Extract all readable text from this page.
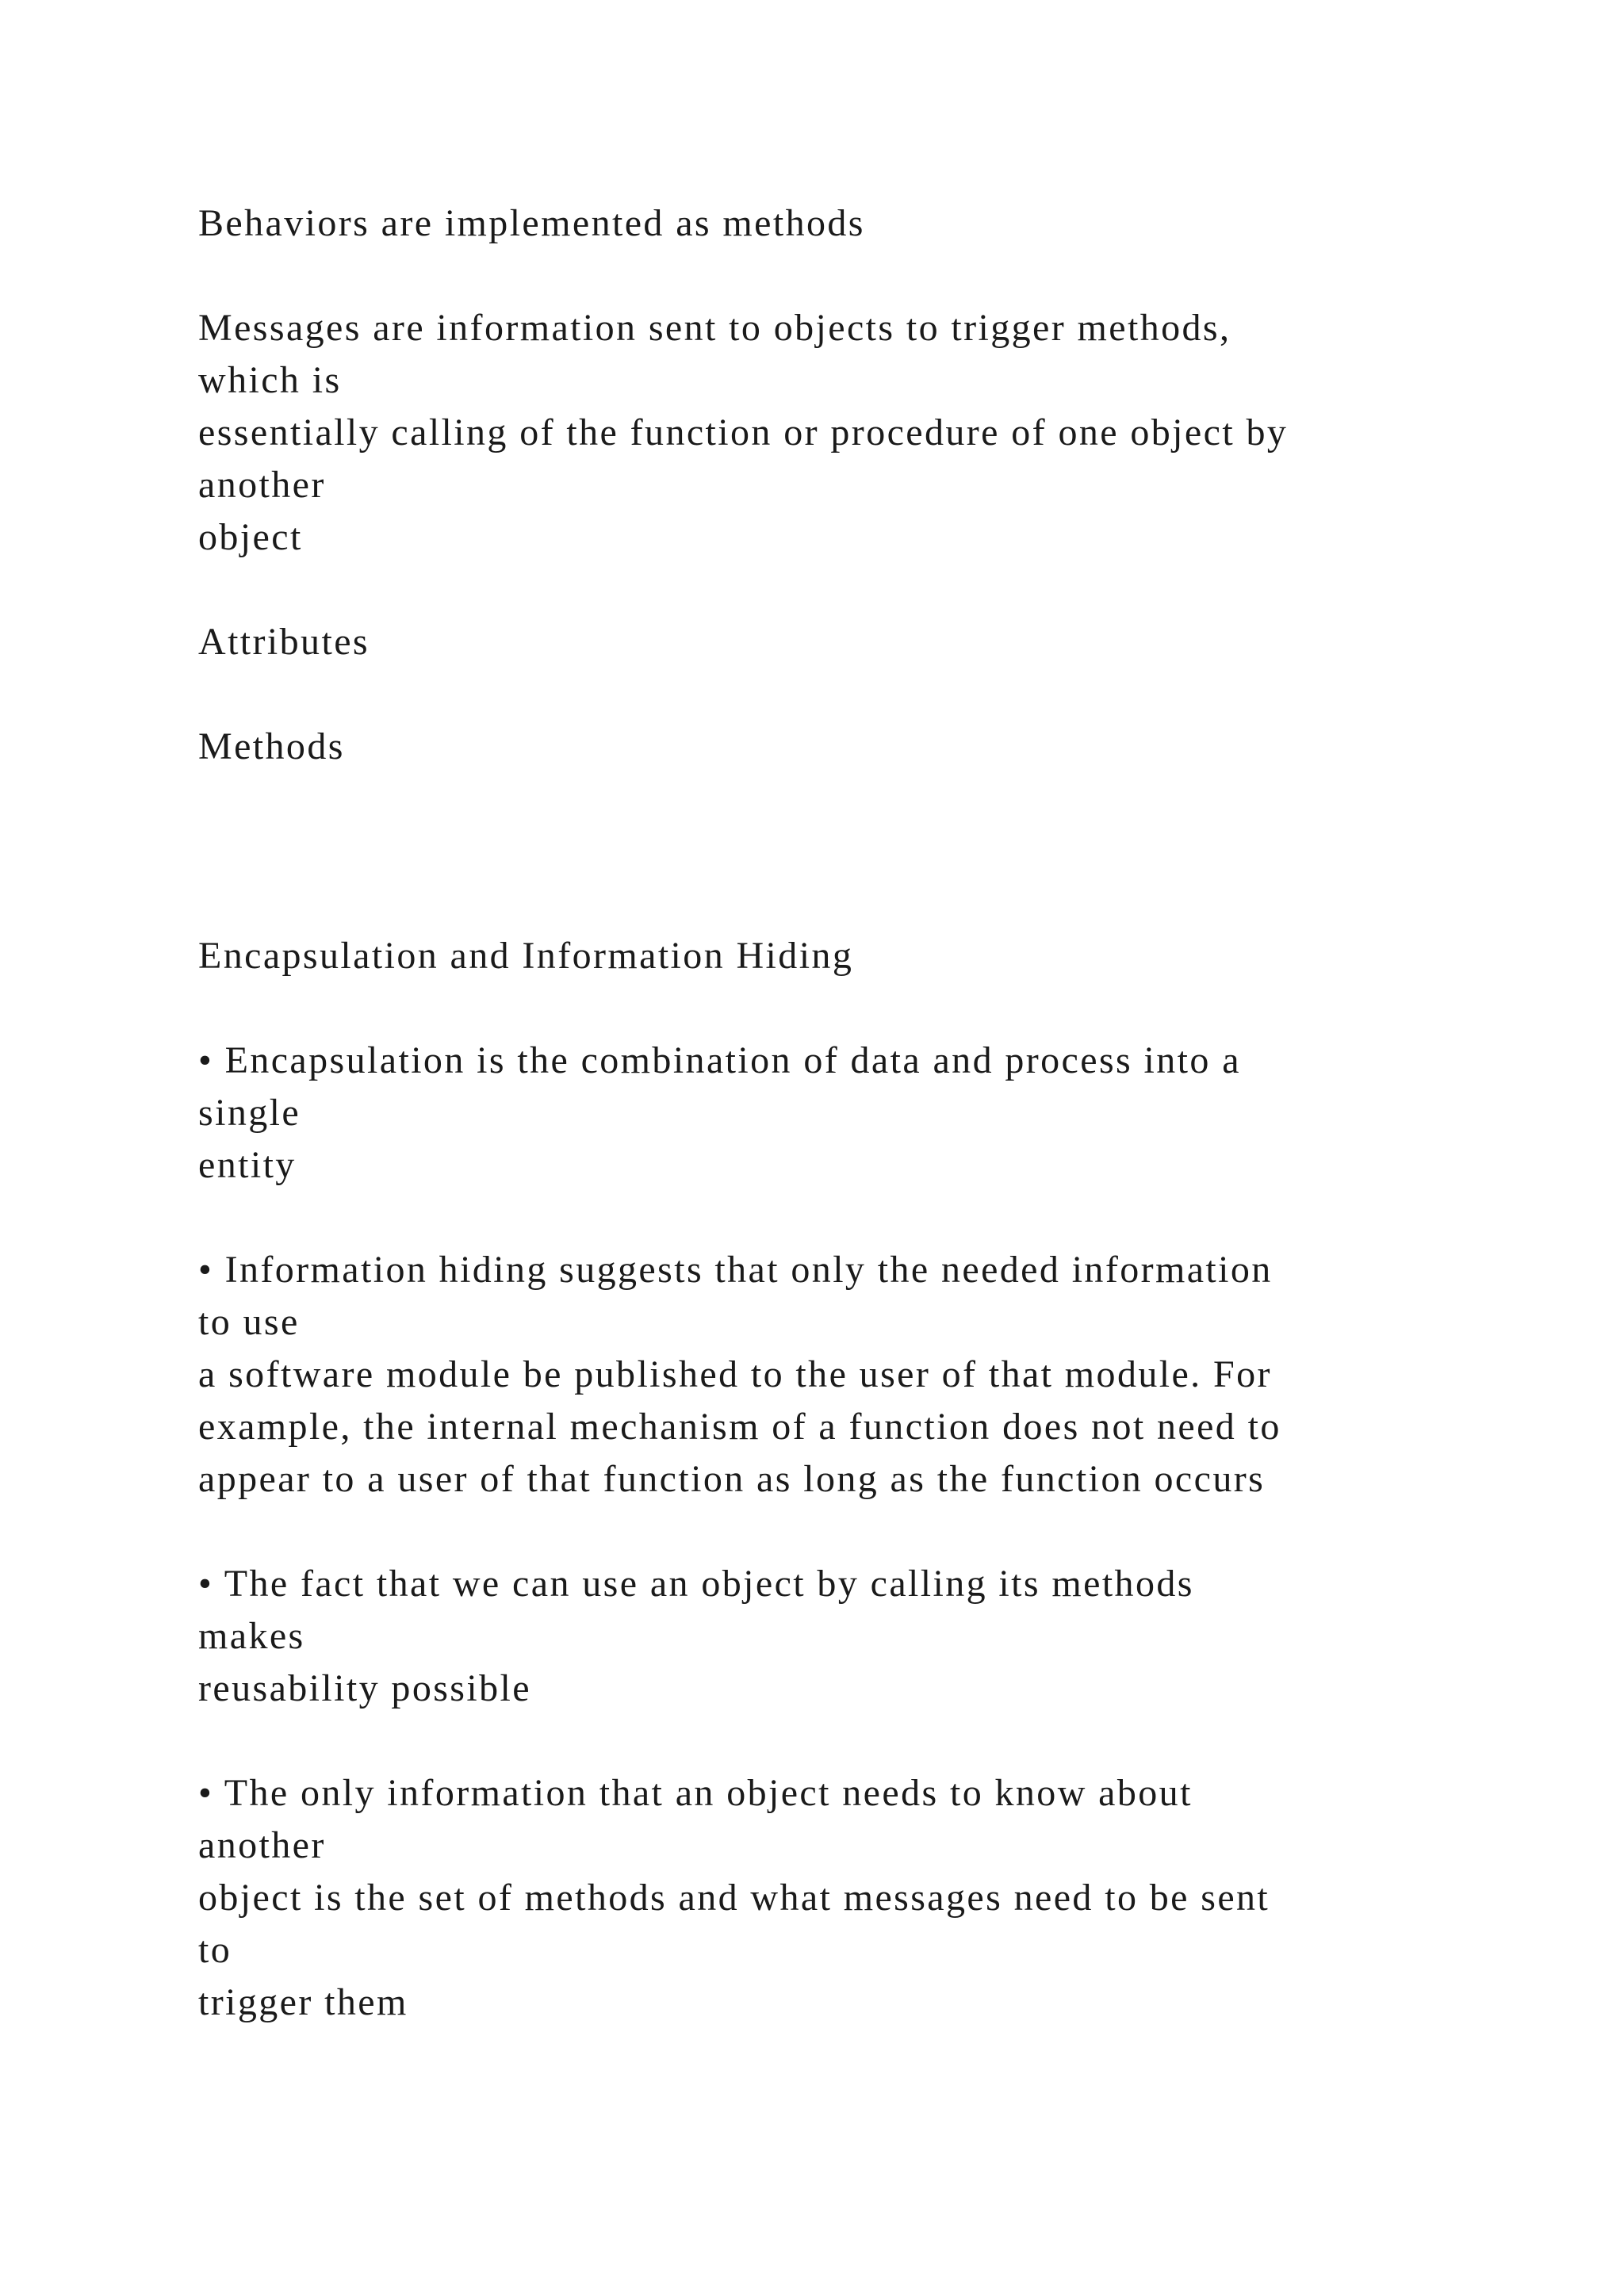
Behaviors are implemented as methods

Messages are information sent to objects to trigger methods,

which is

essentially calling of the function or procedure of one object by

another

object

Attributes

Methods

Encapsulation and Information Hiding

• Encapsulation is the combination of data and process into a

single

entity

• Information hiding suggests that only the needed information

to use

a software module be published to the user of that module. For

example, the internal mechanism of a function does not need to

appear to a user of that function as long as the function occurs

• The fact that we can use an object by calling its methods

makes

reusability possible

• The only information that an object needs to know about

another

object is the set of methods and what messages need to be sent

to

trigger them
